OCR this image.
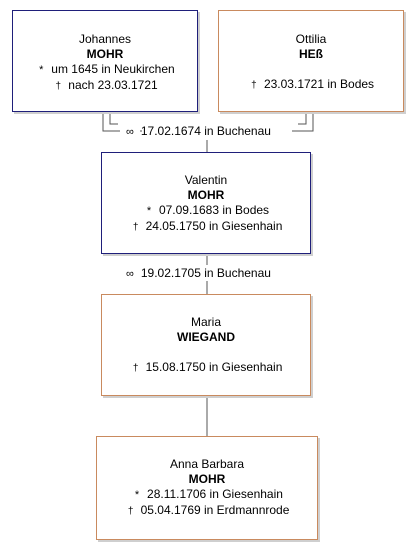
Johannes
MOHR
* um 1645 in Neukirchen
† nach 23.03.1721
Ottilia
HEß

† 23.03.1721 in Bodes
∞ 17.02.1674 in Buchenau
Valentin
MOHR
* 07.09.1683 in Bodes
† 24.05.1750 in Giesenhain
∞ 19.02.1705 in Buchenau
Maria
WIEGAND

† 15.08.1750 in Giesenhain
Anna Barbara
MOHR
* 28.11.1706 in Giesenhain
† 05.04.1769 in Erdmannrode
